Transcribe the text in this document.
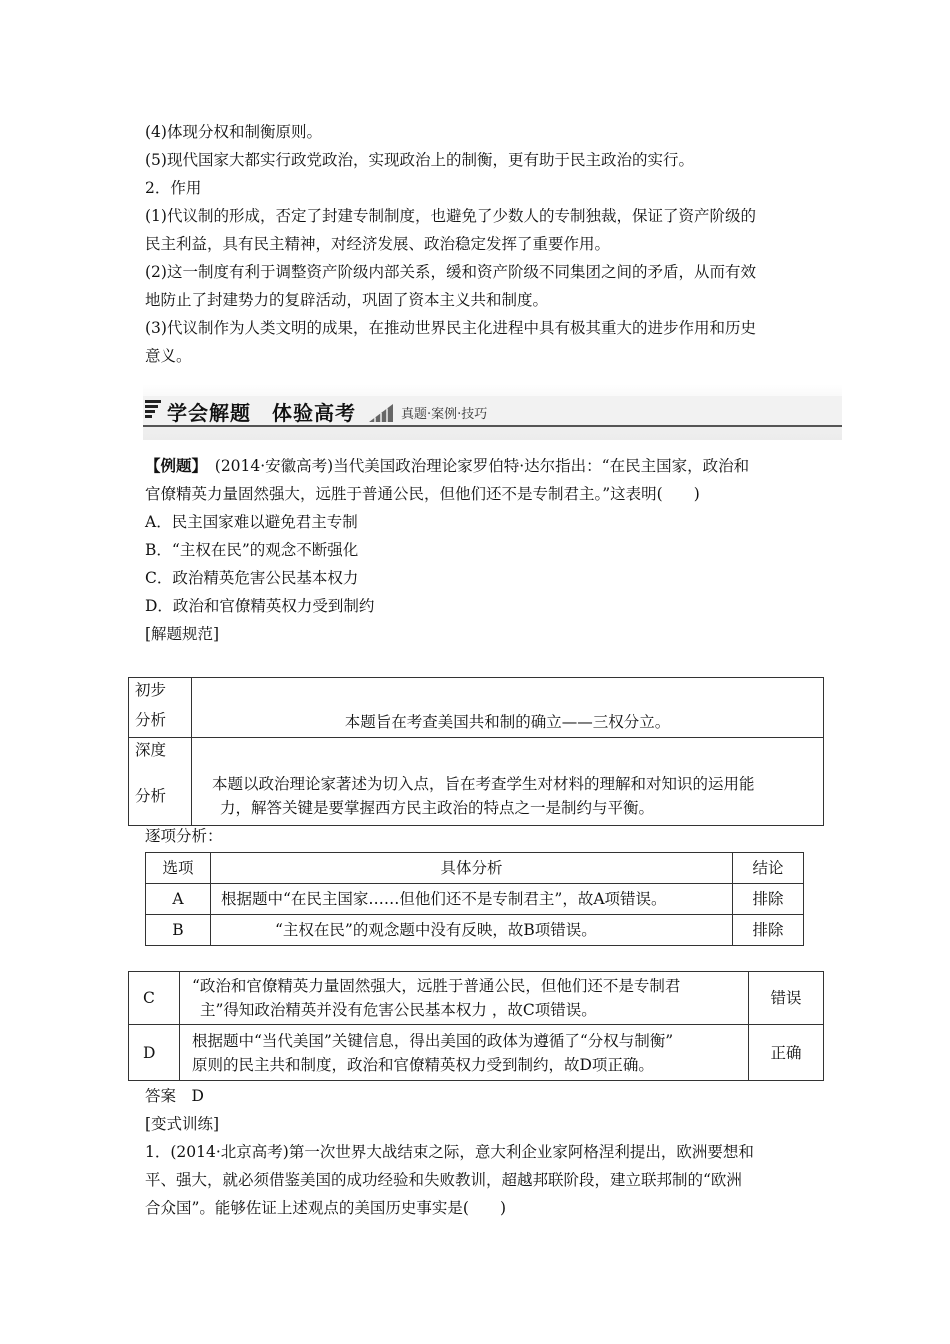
(4)体现分权和制衡原则。
(5)现代国家大都实行政党政治，实现政治上的制衡，更有助于民主政治的实行。
2．作用
(1)代议制的形成，否定了封建专制制度，也避免了少数人的专制独裁，保证了资产阶级的
民主利益，具有民主精神，对经济发展、政治稳定发挥了重要作用。
(2)这一制度有利于调整资产阶级内部关系，缓和资产阶级不同集团之间的矛盾，从而有效
地防止了封建势力的复辟活动，巩固了资本主义共和制度。
(3)代议制作为人类文明的成果，在推动世界民主化进程中具有极其重大的进步作用和历史
意义。
学会解题　体验高考	真题·案例·技巧
【例题】　(2014·安徽高考)当代美国政治理论家罗伯特·达尔指出：“在民主国家，政治和
官僚精英力量固然强大，远胜于普通公民，但他们还不是专制君主。”这表明(　　)
A．民主国家难以避免君主专制
B．“主权在民”的观念不断强化
C．政治精英危害公民基本权力
D．政治和官僚精英权力受到制约
[解题规范]
初步	
分析	本题旨在考查美国共和制的确立——三权分立。
深度	
分析	本题以政治理论家著述为切入点，旨在考查学生对材料的理解和对知识的运用能
力，解答关键是要掌握西方民主政治的特点之一是制约与平衡。
逐项分析：
选项	具体分析	结论
A	根据题中“在民主国家……但他们还不是专制君主”，故A项错误。	排除
B	“主权在民”的观念题中没有反映，故B项错误。	排除
C	“政治和官僚精英力量固然强大，远胜于普通公民，但他们还不是专制君
主”得知政治精英并没有危害公民基本权力 ，故C项错误。	错误
D	根据题中“当代美国”关键信息，得出美国的政体为遵循了“分权与制衡”
原则的民主共和制度，政治和官僚精英权力受到制约，故D项正确。	正确
答案　D
[变式训练]
1．(2014·北京高考)第一次世界大战结束之际，意大利企业家阿格涅利提出，欧洲要想和
平、强大，就必须借鉴美国的成功经验和失败教训，超越邦联阶段，建立联邦制的“欧洲
合众国”。能够佐证上述观点的美国历史事实是(　　)
